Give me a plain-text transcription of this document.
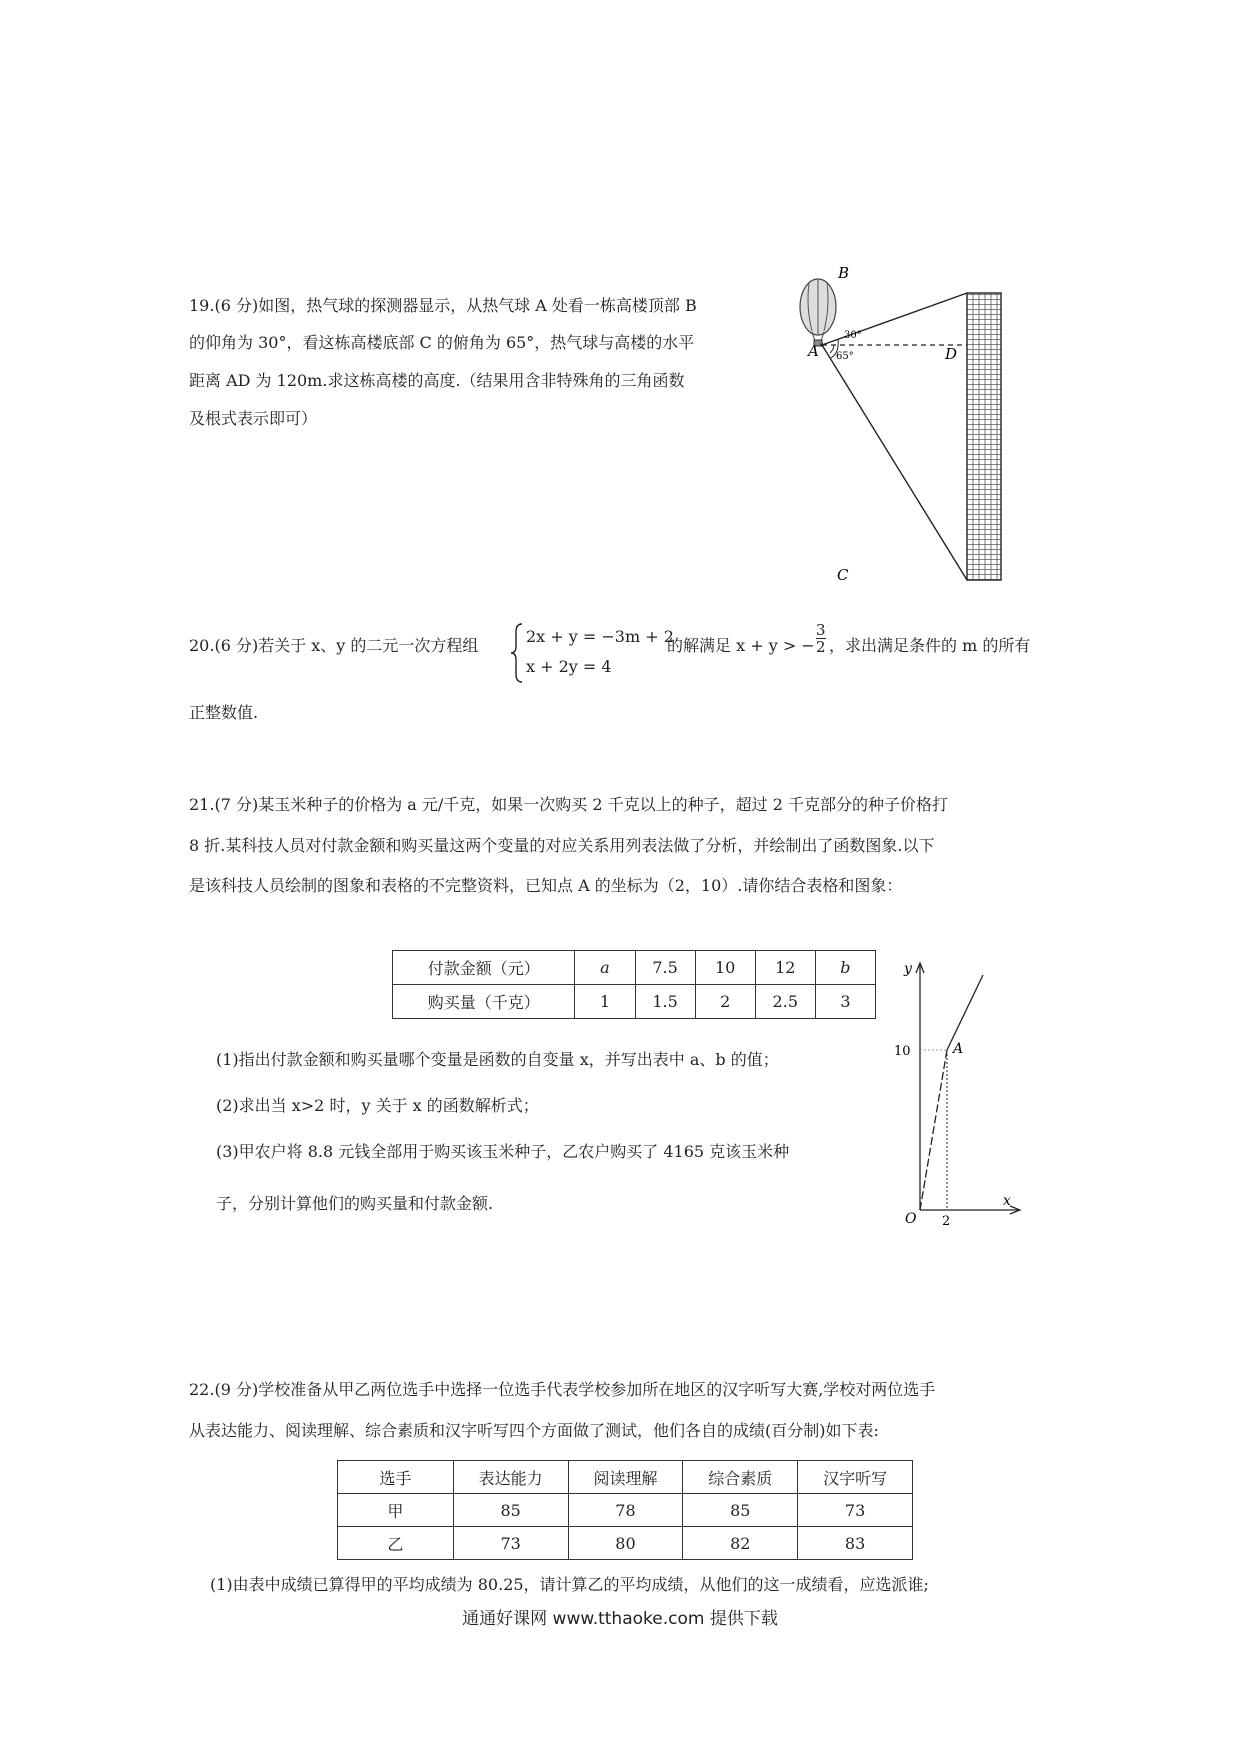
19.(6 分)如图，热气球的探测器显示，从热气球 A 处看一栋高楼顶部 B
的仰角为 30°，看这栋高楼底部 C 的俯角为 65°，热气球与高楼的水平
距离 AD 为 120m.求这栋高楼的高度.（结果用含非特殊角的三角函数
及根式表示即可）
B
A
C
D
30°
65°
20.(6 分)若关于 x、y 的二元一次方程组	2x + y = −3m + 2
x + 2y = 4
的解满足 x + y > − $\frac{3}{2}$ ，求出满足条件的 m 的所有
正整数值.
21.(7 分)某玉米种子的价格为 a 元/千克，如果一次购买 2 千克以上的种子，超过 2 千克部分的种子价格打
8 折.某科技人员对付款金额和购买量这两个变量的对应关系用列表法做了分析，并绘制出了函数图象.以下
是该科技人员绘制的图象和表格的不完整资料，已知点 A 的坐标为（2，10）.请你结合表格和图象：
付款金额（元）	a	7.5	10	12	b
购买量（千克）	1	1.5	2	2.5	3
(1)指出付款金额和购买量哪个变量是函数的自变量 x，并写出表中 a、b 的值；
(2)求出当 x>2 时，y 关于 x 的函数解析式；
(3)甲农户将 8.8 元钱全部用于购买该玉米种子，乙农户购买了 4165 克该玉米种
子，分别计算他们的购买量和付款金额.
y
x
O
10
2
A
22.(9 分)学校准备从甲乙两位选手中选择一位选手代表学校参加所在地区的汉字听写大赛,学校对两位选手
从表达能力、阅读理解、综合素质和汉字听写四个方面做了测试，他们各自的成绩(百分制)如下表:
选手	表达能力	阅读理解	综合素质	汉字听写
甲	85	78	85	73
乙	73	80	82	83
(1)由表中成绩已算得甲的平均成绩为 80.25，请计算乙的平均成绩，从他们的这一成绩看，应选派谁;
通通好课网 www.tthaoke.com 提供下载
